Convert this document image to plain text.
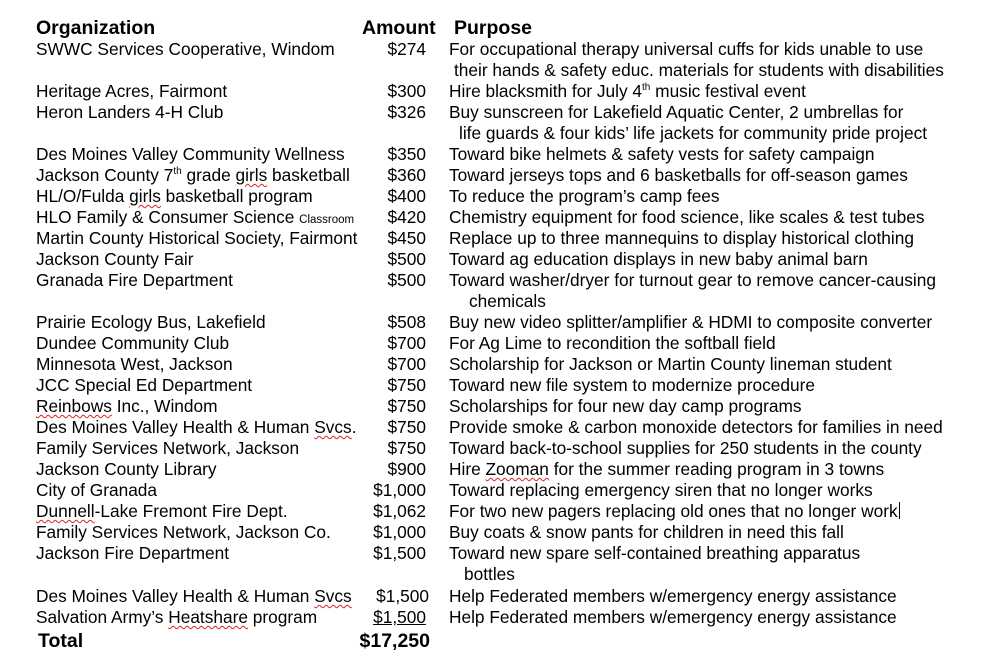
Organization	Amount Purpose
SWWC Services Cooperative, Windom	$274 For occupational therapy universal cuffs for kids unable to use
their hands & safety educ. materials for students with disabilities
Heritage Acres, Fairmont	$300 Hire blacksmith for July 4th music festival event
Heron Landers 4-H Club	$326 Buy sunscreen for Lakefield Aquatic Center, 2 umbrellas for
life guards & four kids’ life jackets for community pride project
Des Moines Valley Community Wellness $350 Toward bike helmets & safety vests for safety campaign
Jackson County 7th grade girls basketball $360 Toward jerseys tops and 6 basketballs for off-season games
HL/O/Fulda girls basketball program	$400 To reduce the program’s camp fees
HLO Family & Consumer Science Classroom $420 Chemistry equipment for food science, like scales & test tubes
Martin County Historical Society, Fairmont $450 Replace up to three mannequins to display historical clothing
Jackson County Fair	$500 Toward ag education displays in new baby animal barn
Granada Fire Department	$500 Toward washer/dryer for turnout gear to remove cancer-causing
chemicals
Prairie Ecology Bus, Lakefield	$508 Buy new video splitter/amplifier & HDMI to composite converter
Dundee Community Club	$700 For Ag Lime to recondition the softball field
Minnesota West, Jackson	$700 Scholarship for Jackson or Martin County lineman student
JCC Special Ed Department	$750 Toward new file system to modernize procedure
Reinbows Inc., Windom	$750 Scholarships for four new day camp programs
Des Moines Valley Health & Human Svcs. $750 Provide smoke & carbon monoxide detectors for families in need
Family Services Network, Jackson	$750 Toward back-to-school supplies for 250 students in the county
Jackson County Library	$900 Hire Zooman for the summer reading program in 3 towns
City of Granada	$1,000 Toward replacing emergency siren that no longer works
Dunnell-Lake Fremont Fire Dept.	$1,062 For two new pagers replacing old ones that no longer work
Family Services Network, Jackson Co. $1,000 Buy coats & snow pants for children in need this fall
Jackson Fire Department	$1,500 Toward new spare self-contained breathing apparatus
bottles
Des Moines Valley Health & Human Svcs $1,500 Help Federated members w/emergency energy assistance
Salvation Army’s Heatshare program	$1,500 Help Federated members w/emergency energy assistance
Total	$17,250
